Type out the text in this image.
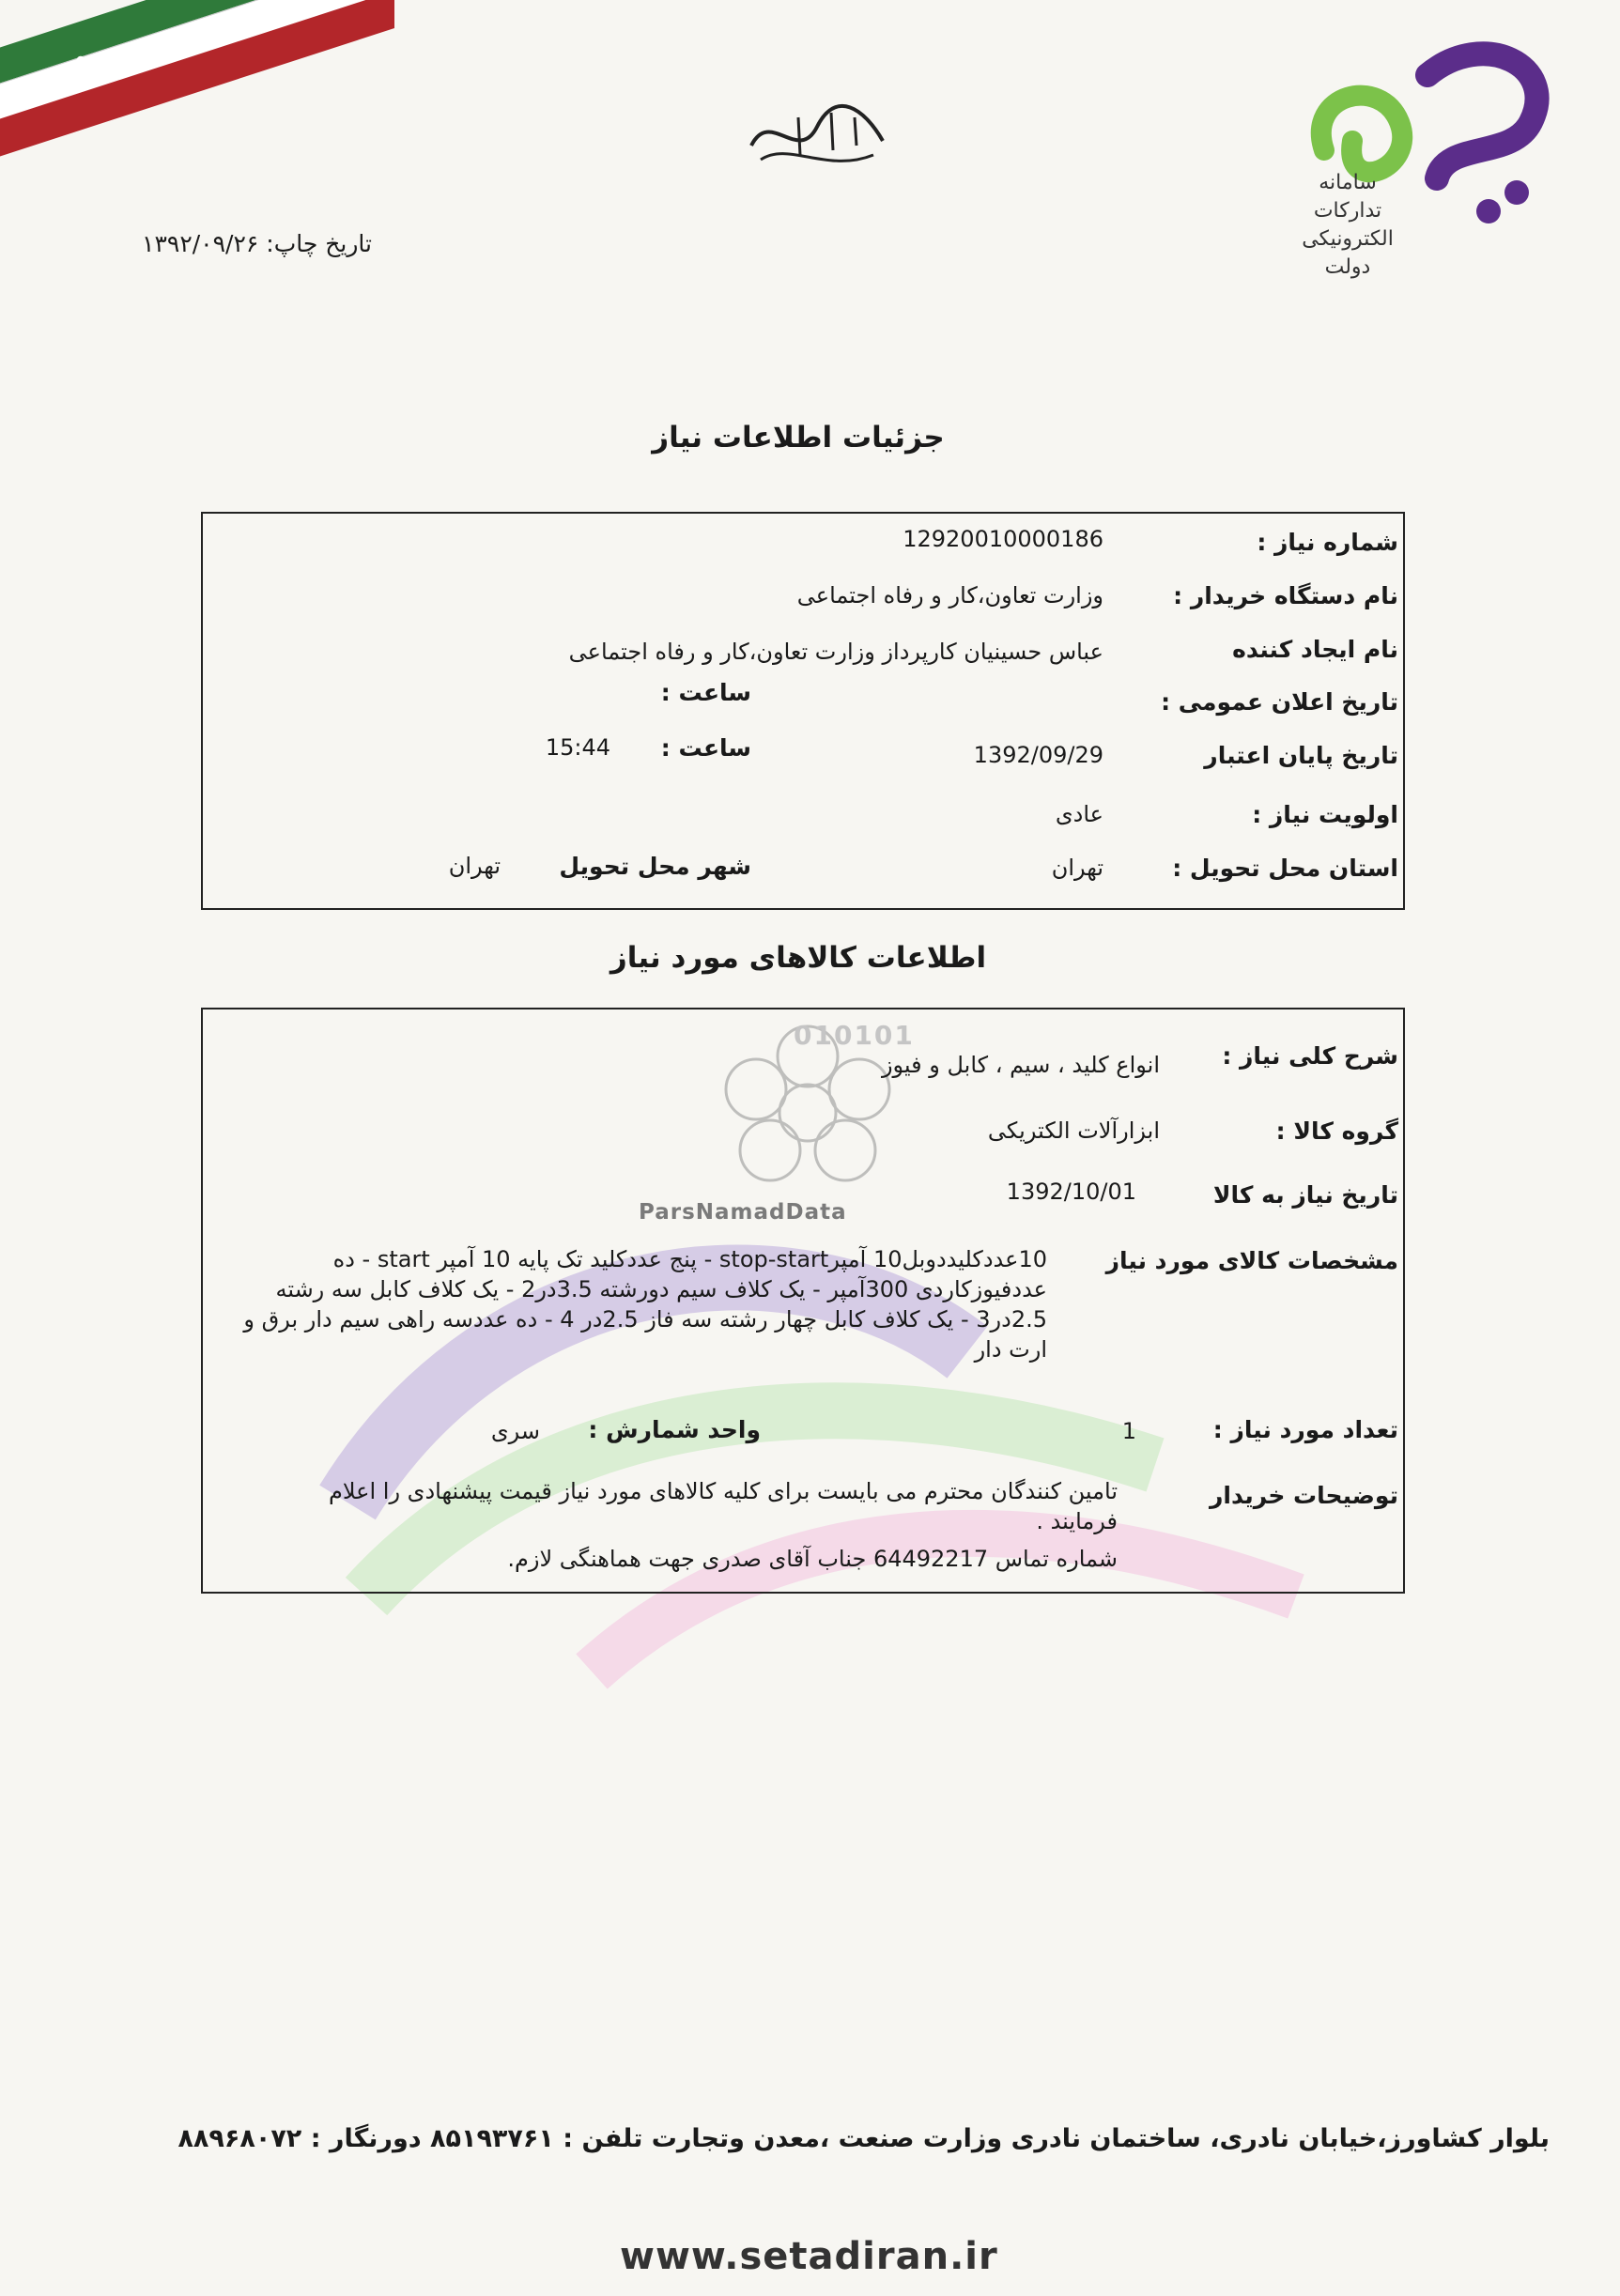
✿
تاریخ چاپ: ۱۳۹۲/۰۹/۲۶
سامانه تدارکات الکترونیکی دولت
010101
ParsNamadData
جزئیات اطلاعات نیاز
شماره نیاز :
12920010000186
نام دستگاه خریدار :
وزارت تعاون،کار و رفاه اجتماعی
نام ایجاد کننده
عباس حسینیان کارپرداز وزارت تعاون،کار و رفاه اجتماعی
تاریخ اعلان عمومی :
ساعت :
تاریخ پایان اعتبار
1392/09/29
ساعت :
15:44
اولویت نیاز :
عادی
استان محل تحویل :
تهران
شهر محل تحویل
تهران
اطلاعات کالاهای مورد نیاز
شرح کلی نیاز :
انواع کلید ، سیم ، کابل و فیوز
گروه کالا :
ابزارآلات الکتریکی
تاریخ نیاز به کالا
1392/10/01
مشخصات کالای مورد نیاز
10عددکلیددوبل10 آمپرstop-start - پنج عددکلید تک پایه 10 آمپر start - ده عددفیوزکاردی 300آمپر - یک کلاف سیم دورشته 3.5در2 - یک کلاف کابل سه رشته 2.5در3 - یک کلاف کابل چهار رشته سه فاز 2.5در 4 - ده عددسه راهی سیم دار برق و ارت دار
تعداد مورد نیاز :
1
واحد شمارش :
سری
توضیحات خریدار
تامین کنندگان محترم می بایست برای کلیه کالاهای مورد نیاز قیمت پیشنهادی را اعلام فرمایند .
شماره تماس 64492217 جناب آقای صدری جهت هماهنگی لازم.
بلوار کشاورز،خیابان نادری، ساختمان نادری وزارت صنعت ،معدن وتجارت تلفن : ۸۵۱۹۳۷۶۱ دورنگار : ۸۸۹۶۸۰۷۲
www.setadiran.ir
